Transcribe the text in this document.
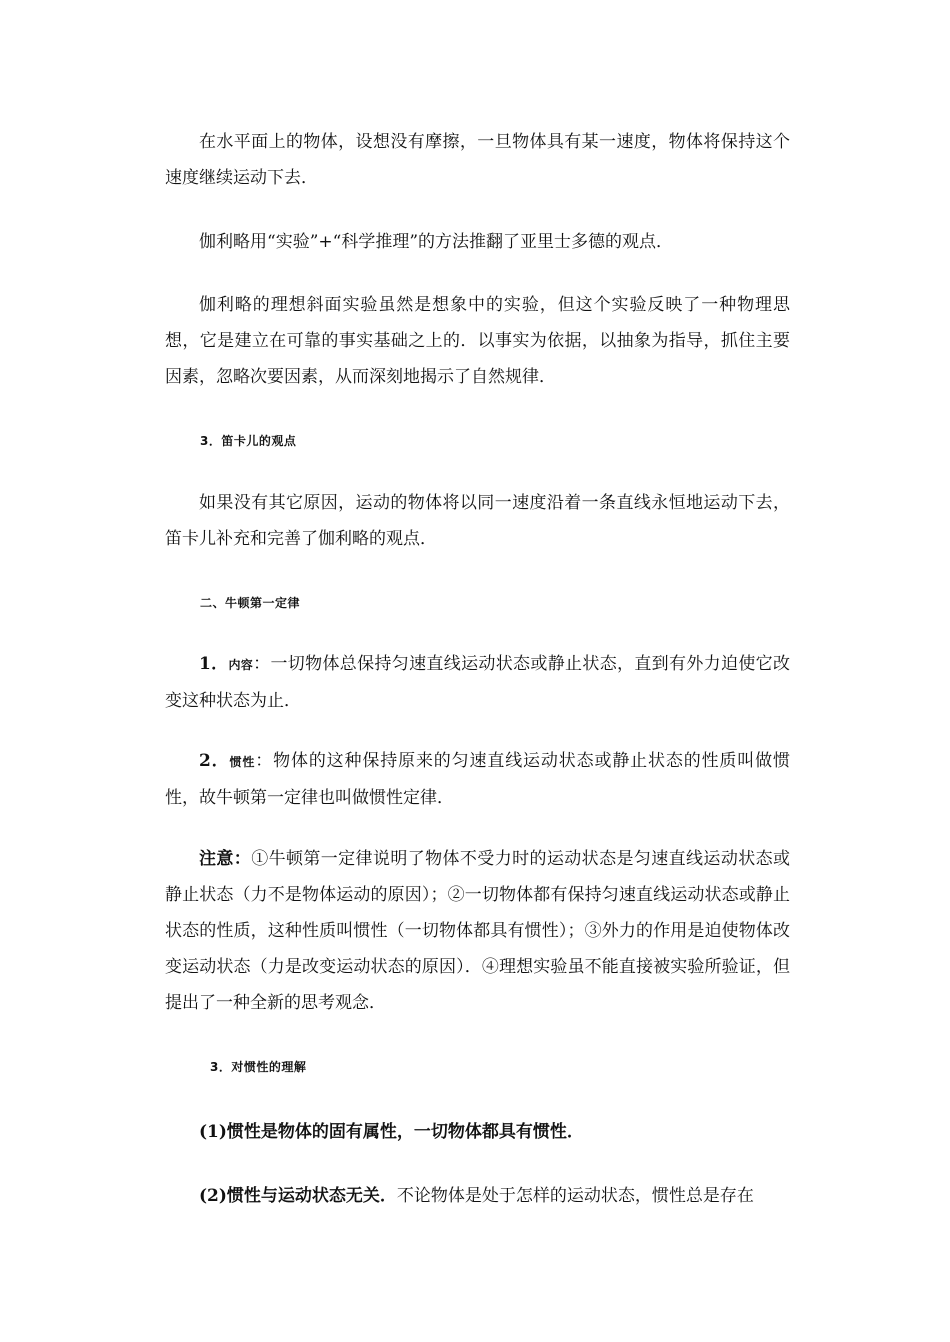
在水平面上的物体，设想没有摩擦，一旦物体具有某一速度，物体将保持这个速度继续运动下去．

伽利略用“实验”+“科学推理”的方法推翻了亚里士多德的观点．

伽利略的理想斜面实验虽然是想象中的实验，但这个实验反映了一种物理思想，它是建立在可靠的事实基础之上的．以事实为依据，以抽象为指导，抓住主要因素，忽略次要因素，从而深刻地揭示了自然规律．

3．笛卡儿的观点

如果没有其它原因，运动的物体将以同一速度沿着一条直线永恒地运动下去，笛卡儿补充和完善了伽利略的观点．

二、牛顿第一定律

1．内容：一切物体总保持匀速直线运动状态或静止状态，直到有外力迫使它改变这种状态为止．

2．惯性：物体的这种保持原来的匀速直线运动状态或静止状态的性质叫做惯性，故牛顿第一定律也叫做惯性定律．

注意：①牛顿第一定律说明了物体不受力时的运动状态是匀速直线运动状态或静止状态（力不是物体运动的原因）；②一切物体都有保持匀速直线运动状态或静止状态的性质，这种性质叫惯性（一切物体都具有惯性）；③外力的作用是迫使物体改变运动状态（力是改变运动状态的原因）．④理想实验虽不能直接被实验所验证，但提出了一种全新的思考观念．

3．对惯性的理解

(1)惯性是物体的固有属性，一切物体都具有惯性．

(2)惯性与运动状态无关．不论物体是处于怎样的运动状态，惯性总是存在
